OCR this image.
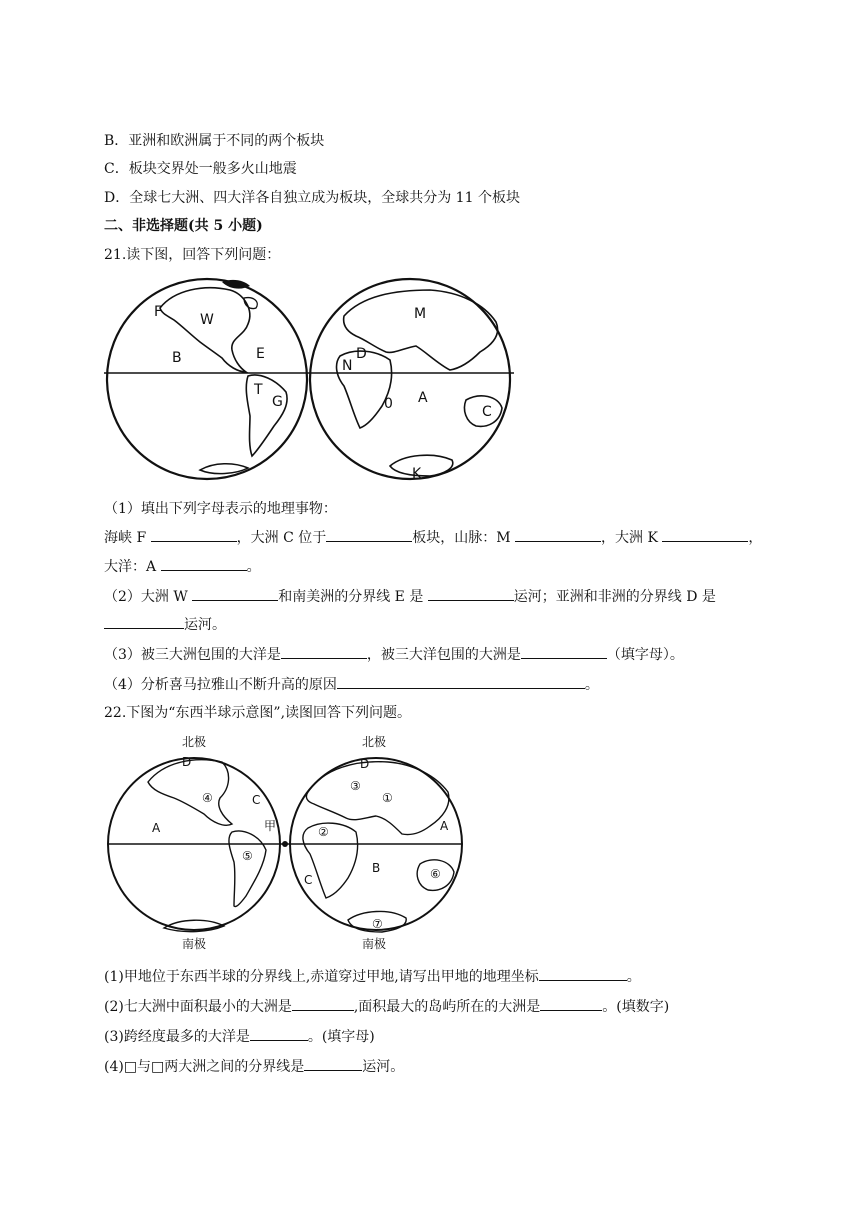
B．亚洲和欧洲属于不同的两个板块
C．板块交界处一般多火山地震
D．全球七大洲、四大洋各自独立成为板块，全球共分为 11 个板块
二、非选择题(共 5 小题)
21.读下图，回答下列问题：
F	W
B	E
T
G
M
N
D
A
0	C
K
（1）填出下列字母表示的地理事物：
海峡 F	，大洲 C 位于	板块，山脉：M	，大洲 K	，
大洋：A	。
（2）大洲 W	和南美洲的分界线 E 是	运河；亚洲和非洲的分界线 D 是
运河。
（3）被三大洲包围的大洋是	，被三大洋包围的大洲是	（填字母）。
（4）分析喜马拉雅山不断升高的原因	。
22.下图为“东西半球示意图”,读图回答下列问题。
北极	北极
南极	南极
D	D
C
A	甲	A
B
C
④
⑤
③
①
②
⑥
⑦
(1)甲地位于东西半球的分界线上,赤道穿过甲地,请写出甲地的地理坐标	。
(2)七大洲中面积最小的大洲是	,面积最大的岛屿所在的大洲是	。(填数字)
(3)跨经度最多的大洋是	。(填字母)
(4)□与□两大洲之间的分界线是	运河。
